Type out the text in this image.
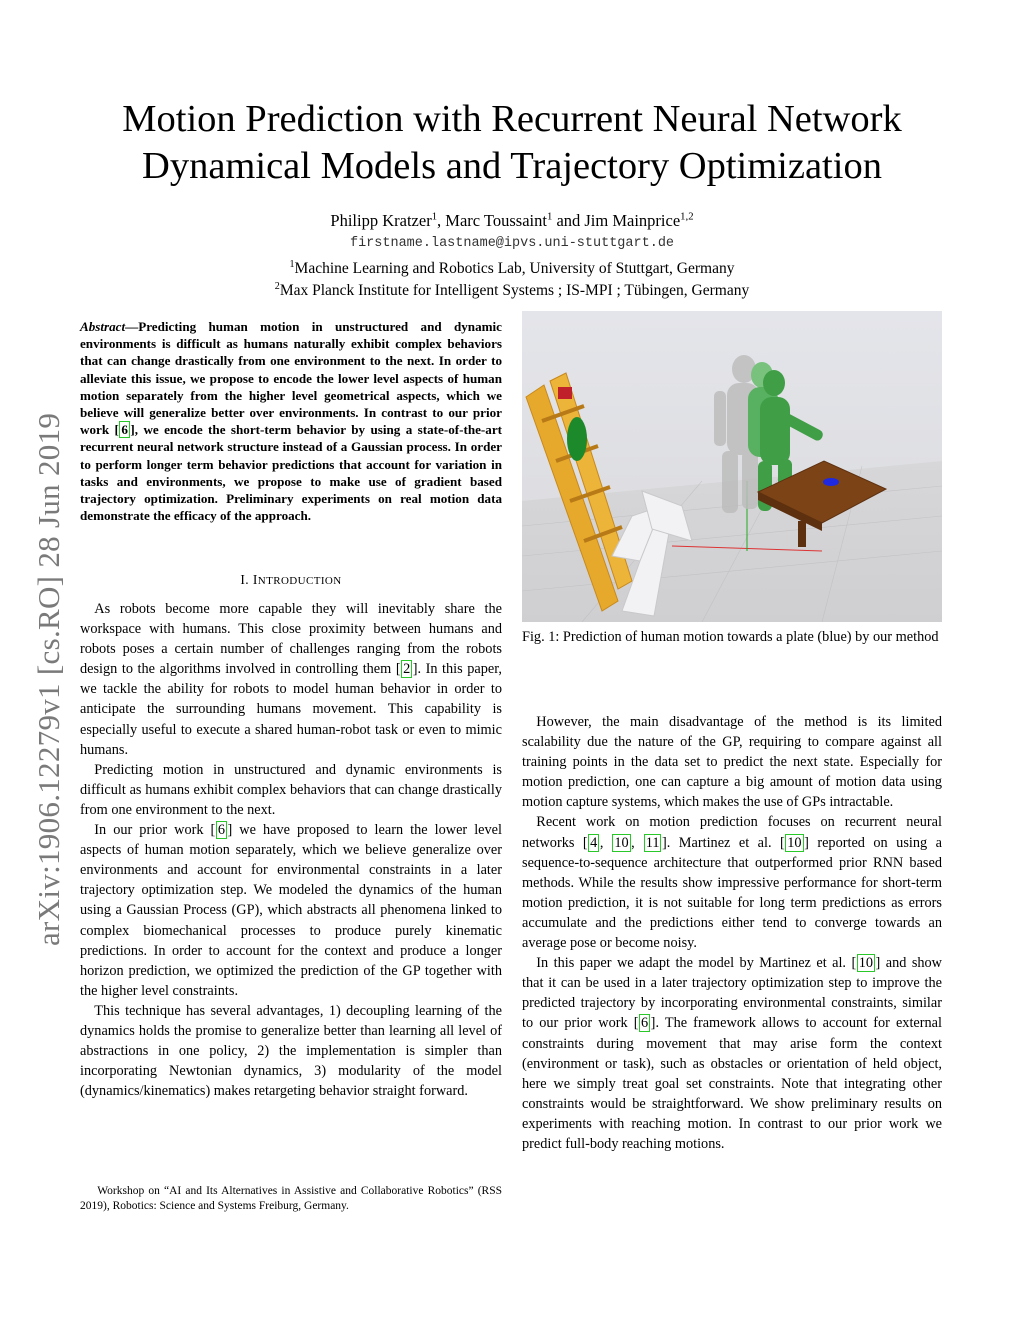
arXiv:1906.12279v1 [cs.RO] 28 Jun 2019
Motion Prediction with Recurrent Neural Network
Dynamical Models and Trajectory Optimization
Philipp Kratzer$^1$, Marc Toussaint$^1$ and Jim Mainprice$^{1,2}$
firstname.lastname@ipvs.uni-stuttgart.de
$^1$Machine Learning and Robotics Lab, University of Stuttgart, Germany
$^2$Max Planck Institute for Intelligent Systems ; IS-MPI ; Tübingen, Germany
Abstract—Predicting human motion in unstructured and dynamic environments is difficult as humans naturally exhibit complex behaviors that can change drastically from one environment to the next. In order to alleviate this issue, we propose to encode the lower level aspects of human motion separately from the higher level geometrical aspects, which we believe will generalize better over environments. In contrast to our prior work [ 6 ], we encode the short-term behavior by using a state-of-the-art recurrent neural network structure instead of a Gaussian process. In order to perform longer term behavior predictions that account for variation in tasks and environments, we propose to make use of gradient based trajectory optimization. Preliminary experiments on real motion data demonstrate the efficacy of the approach.
I. INTRODUCTION

As robots become more capable they will inevitably share the workspace with humans. This close proximity between humans and robots poses a certain number of challenges ranging from the robots design to the algorithms involved in controlling them [ 2 ]. In this paper, we tackle the ability for robots to model human behavior in order to anticipate the surrounding humans movement. This capability is especially useful to execute a shared human-robot task or even to mimic humans.

Predicting motion in unstructured and dynamic environments is difficult as humans exhibit complex behaviors that can change drastically from one environment to the next.

In our prior work [ 6 ] we have proposed to learn the lower level aspects of human motion separately, which we believe generalize over environments and account for environmental constraints in a later trajectory optimization step. We modeled the dynamics of the human using a Gaussian Process (GP), which abstracts all phenomena linked to complex biomechanical processes to produce purely kinematic predictions. In order to account for the context and produce a longer horizon prediction, we optimized the prediction of the GP together with the higher level constraints.

This technique has several advantages, 1) decoupling learning of the dynamics holds the promise to generalize better than learning all level of abstractions in one policy, 2) the implementation is simpler than incorporating Newtonian dynamics, 3) modularity of the model (dynamics/kinematics) makes retargeting behavior straight forward.

Workshop on “AI and Its Alternatives in Assistive and Collaborative Robotics” (RSS 2019), Robotics: Science and Systems Freiburg, Germany.
Fig. 1: Prediction of human motion towards a plate (blue) by our method

However, the main disadvantage of the method is its limited scalability due the nature of the GP, requiring to compare against all training points in the data set to predict the next state. Especially for motion prediction, one can capture a big amount of motion data using motion capture systems, which makes the use of GPs intractable.

Recent work on motion prediction focuses on recurrent neural networks [ 4 , 10 , 11 ]. Martinez et al. [ 10 ] reported on using a sequence-to-sequence architecture that outperformed prior RNN based methods. While the results show impressive performance for short-term motion prediction, it is not suitable for long term predictions as errors accumulate and the predictions either tend to converge towards an average pose or become noisy.

In this paper we adapt the model by Martinez et al. [ 10 ] and show that it can be used in a later trajectory optimization step to improve the predicted trajectory by incorporating environmental constraints, similar to our prior work [ 6 ]. The framework allows to account for external constraints during movement that may arise form the context (environment or task), such as obstacles or orientation of held object, here we simply treat goal set constraints. Note that integrating other constraints would be straightforward. We show preliminary results on experiments with reaching motion. In contrast to our prior work we predict full-body reaching motions.
